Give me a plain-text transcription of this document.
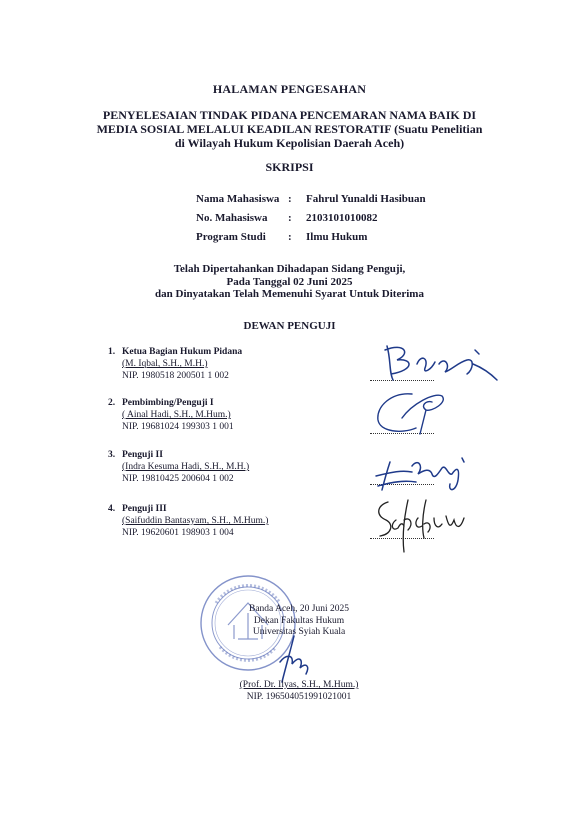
HALAMAN PENGESAHAN
PENYELESAIAN TINDAK PIDANA PENCEMARAN NAMA BAIK DI
MEDIA SOSIAL MELALUI KEADILAN RESTORATIF (Suatu Penelitian
di Wilayah Hukum Kepolisian Daerah Aceh)
SKRIPSI
Nama Mahasiswa : Fahrul Yunaldi Hasibuan
No. Mahasiswa : 2103101010082
Program Studi : Ilmu Hukum
Telah Dipertahankan Dihadapan Sidang Penguji,
Pada Tanggal 02 Juni 2025
dan Dinyatakan Telah Memenuhi Syarat Untuk Diterima
DEWAN PENGUJI
1. Ketua Bagian Hukum Pidana
(M. Iqbal, S.H., M.H.)
NIP. 1980518 200501 1 002
2. Pembimbing/Penguji I
( Ainal Hadi, S.H., M.Hum.)
NIP. 19681024 199303 1 001
3. Penguji II
(Indra Kesuma Hadi, S.H., M.H.)
NIP. 19810425 200604 1 002
4. Penguji III
(Saifuddin Bantasyam, S.H., M.Hum.)
NIP. 19620601 198903 1 004
Banda Aceh, 20 Juni 2025
Dekan Fakultas Hukum
Universitas Syiah Kuala
(Prof. Dr. Ilyas, S.H., M.Hum.)
NIP. 196504051991021001
